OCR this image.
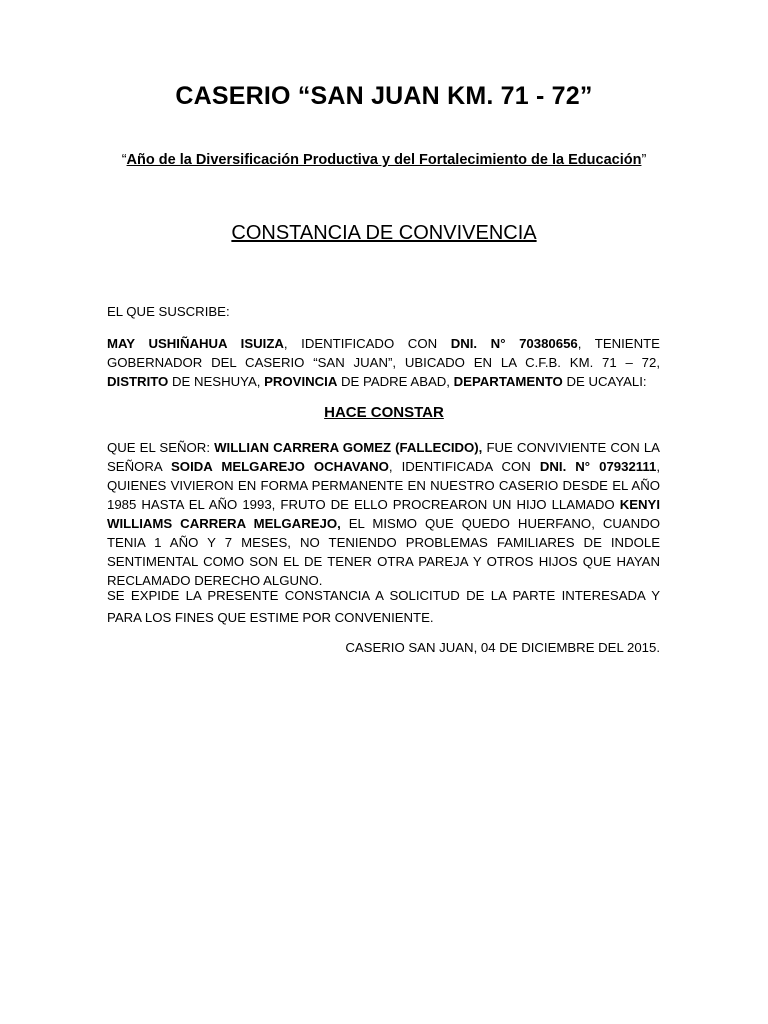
CASERIO “SAN JUAN KM. 71 - 72”
“Año de la Diversificación Productiva y del Fortalecimiento de la Educación”
CONSTANCIA DE CONVIVENCIA
EL QUE SUSCRIBE:
MAY USHIÑAHUA ISUIZA, IDENTIFICADO CON DNI. N° 70380656, TENIENTE GOBERNADOR DEL CASERIO “SAN JUAN”, UBICADO EN LA C.F.B. KM. 71 – 72, DISTRITO DE NESHUYA, PROVINCIA DE PADRE ABAD, DEPARTAMENTO DE UCAYALI:
HACE CONSTAR
QUE EL SEÑOR: WILLIAN CARRERA GOMEZ (FALLECIDO), FUE CONVIVIENTE CON LA SEÑORA SOIDA MELGAREJO OCHAVANO, IDENTIFICADA CON DNI. N° 07932111, QUIENES VIVIERON EN FORMA PERMANENTE EN NUESTRO CASERIO DESDE EL AÑO 1985 HASTA EL AÑO 1993, FRUTO DE ELLO PROCREARON UN HIJO LLAMADO KENYI WILLIAMS CARRERA MELGAREJO, EL MISMO QUE QUEDO HUERFANO, CUANDO TENIA 1 AÑO Y 7 MESES, NO TENIENDO PROBLEMAS FAMILIARES DE INDOLE SENTIMENTAL COMO SON EL DE TENER OTRA PAREJA Y OTROS HIJOS QUE HAYAN RECLAMADO DERECHO ALGUNO.
SE EXPIDE LA PRESENTE CONSTANCIA A SOLICITUD DE LA PARTE INTERESADA Y PARA LOS FINES QUE ESTIME POR CONVENIENTE.
CASERIO SAN JUAN, 04 DE DICIEMBRE DEL 2015.
